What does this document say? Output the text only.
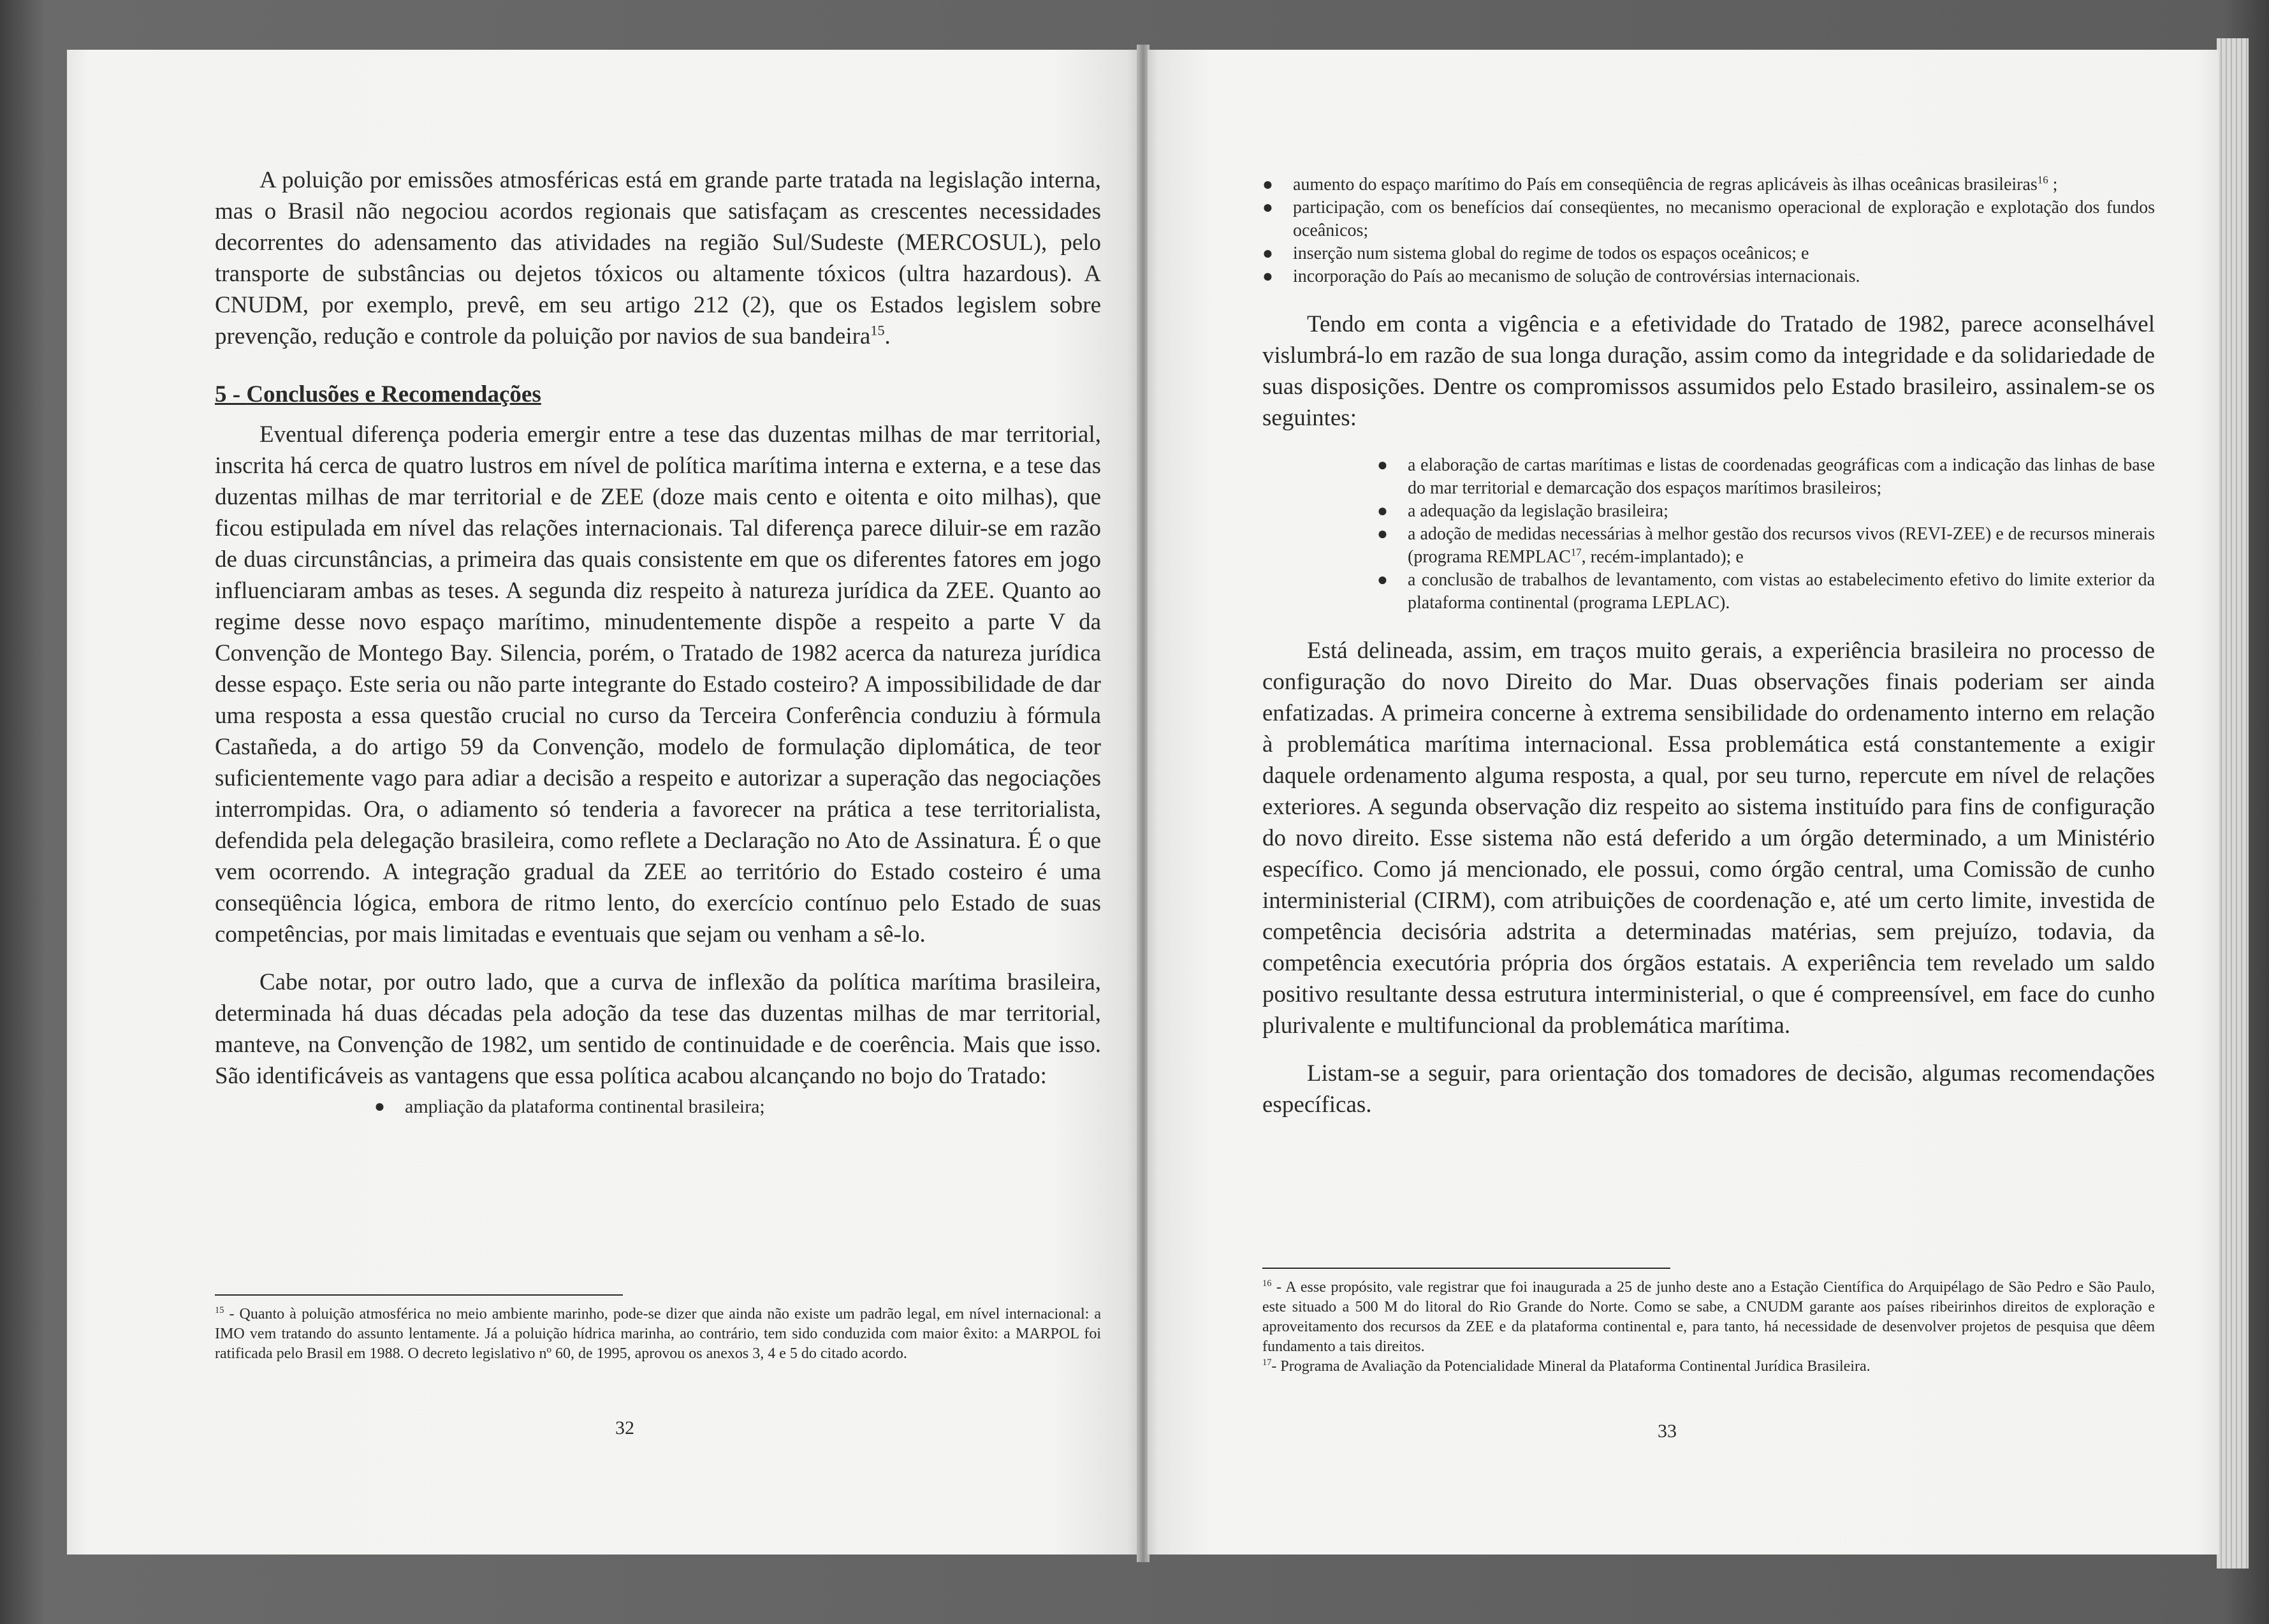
A poluição por emissões atmosféricas está em grande parte tratada na legislação interna, mas o Brasil não negociou acordos regionais que satisfaçam as crescentes necessidades decorrentes do adensamento das atividades na região Sul/Sudeste (MERCOSUL), pelo transporte de substâncias ou dejetos tóxicos ou altamente tóxicos (ultra hazardous). A CNUDM, por exemplo, prevê, em seu artigo 212 (2), que os Estados legislem sobre prevenção, redução e controle da poluição por navios de sua bandeira$^{15}$.

5 - Conclusões e Recomendações

Eventual diferença poderia emergir entre a tese das duzentas milhas de mar territorial, inscrita há cerca de quatro lustros em nível de política marítima interna e externa, e a tese das duzentas milhas de mar territorial e de ZEE (doze mais cento e oitenta e oito milhas), que ficou estipulada em nível das relações internacionais. Tal diferença parece diluir-se em razão de duas circunstâncias, a primeira das quais consistente em que os diferentes fatores em jogo influenciaram ambas as teses. A segunda diz respeito à natureza jurídica da ZEE. Quanto ao regime desse novo espaço marítimo, minudentemente dispõe a respeito a parte V da Convenção de Montego Bay. Silencia, porém, o Tratado de 1982 acerca da natureza jurídica desse espaço. Este seria ou não parte integrante do Estado costeiro? A impossibilidade de dar uma resposta a essa questão crucial no curso da Terceira Conferência conduziu à fórmula Castañeda, a do artigo 59 da Convenção, modelo de formulação diplomática, de teor suficientemente vago para adiar a decisão a respeito e autorizar a superação das negociações interrompidas. Ora, o adiamento só tenderia a favorecer na prática a tese territorialista, defendida pela delegação brasileira, como reflete a Declaração no Ato de Assinatura. É o que vem ocorrendo. A integração gradual da ZEE ao território do Estado costeiro é uma conseqüência lógica, embora de ritmo lento, do exercício contínuo pelo Estado de suas competências, por mais limitadas e eventuais que sejam ou venham a sê-lo.

Cabe notar, por outro lado, que a curva de inflexão da política marítima brasileira, determinada há duas décadas pela adoção da tese das duzentas milhas de mar territorial, manteve, na Convenção de 1982, um sentido de continuidade e de coerência. Mais que isso. São identificáveis as vantagens que essa política acabou alcançando no bojo do Tratado:

● ampliação da plataforma continental brasileira;

$^{15}$ - Quanto à poluição atmosférica no meio ambiente marinho, pode-se dizer que ainda não existe um padrão legal, em nível internacional: a IMO vem tratando do assunto lentamente. Já a poluição hídrica marinha, ao contrário, tem sido conduzida com maior êxito: a MARPOL foi ratificada pelo Brasil em 1988. O decreto legislativo nº 60, de 1995, aprovou os anexos 3, 4 e 5 do citado acordo.

32
● aumento do espaço marítimo do País em conseqüência de regras aplicáveis às ilhas oceânicas brasileiras$^{16}$ ;
● participação, com os benefícios daí conseqüentes, no mecanismo operacional de exploração e explotação dos fundos oceânicos;
● inserção num sistema global do regime de todos os espaços oceânicos; e
● incorporação do País ao mecanismo de solução de controvérsias internacionais.

Tendo em conta a vigência e a efetividade do Tratado de 1982, parece aconselhável vislumbrá-lo em razão de sua longa duração, assim como da integridade e da solidariedade de suas disposições. Dentre os compromissos assumidos pelo Estado brasileiro, assinalem-se os seguintes:

● a elaboração de cartas marítimas e listas de coordenadas geográficas com a indicação das linhas de base do mar territorial e demarcação dos espaços marítimos brasileiros;
● a adequação da legislação brasileira;
● a adoção de medidas necessárias à melhor gestão dos recursos vivos (REVI-ZEE) e de recursos minerais (programa REMPLAC$^{17}$, recém-implantado); e
● a conclusão de trabalhos de levantamento, com vistas ao estabelecimento efetivo do limite exterior da plataforma continental (programa LEPLAC).

Está delineada, assim, em traços muito gerais, a experiência brasileira no processo de configuração do novo Direito do Mar. Duas observações finais poderiam ser ainda enfatizadas. A primeira concerne à extrema sensibilidade do ordenamento interno em relação à problemática marítima internacional. Essa problemática está constantemente a exigir daquele ordenamento alguma resposta, a qual, por seu turno, repercute em nível de relações exteriores. A segunda observação diz respeito ao sistema instituído para fins de configuração do novo direito. Esse sistema não está deferido a um órgão determinado, a um Ministério específico. Como já mencionado, ele possui, como órgão central, uma Comissão de cunho interministerial (CIRM), com atribuições de coordenação e, até um certo limite, investida de competência decisória adstrita a determinadas matérias, sem prejuízo, todavia, da competência executória própria dos órgãos estatais. A experiência tem revelado um saldo positivo resultante dessa estrutura interministerial, o que é compreensível, em face do cunho plurivalente e multifuncional da problemática marítima.

Listam-se a seguir, para orientação dos tomadores de decisão, algumas recomendações específicas.

$^{16}$ - A esse propósito, vale registrar que foi inaugurada a 25 de junho deste ano a Estação Científica do Arquipélago de São Pedro e São Paulo, este situado a 500 M do litoral do Rio Grande do Norte. Como se sabe, a CNUDM garante aos países ribeirinhos direitos de exploração e aproveitamento dos recursos da ZEE e da plataforma continental e, para tanto, há necessidade de desenvolver projetos de pesquisa que dêem fundamento a tais direitos.

$^{17}$- Programa de Avaliação da Potencialidade Mineral da Plataforma Continental Jurídica Brasileira.

33
